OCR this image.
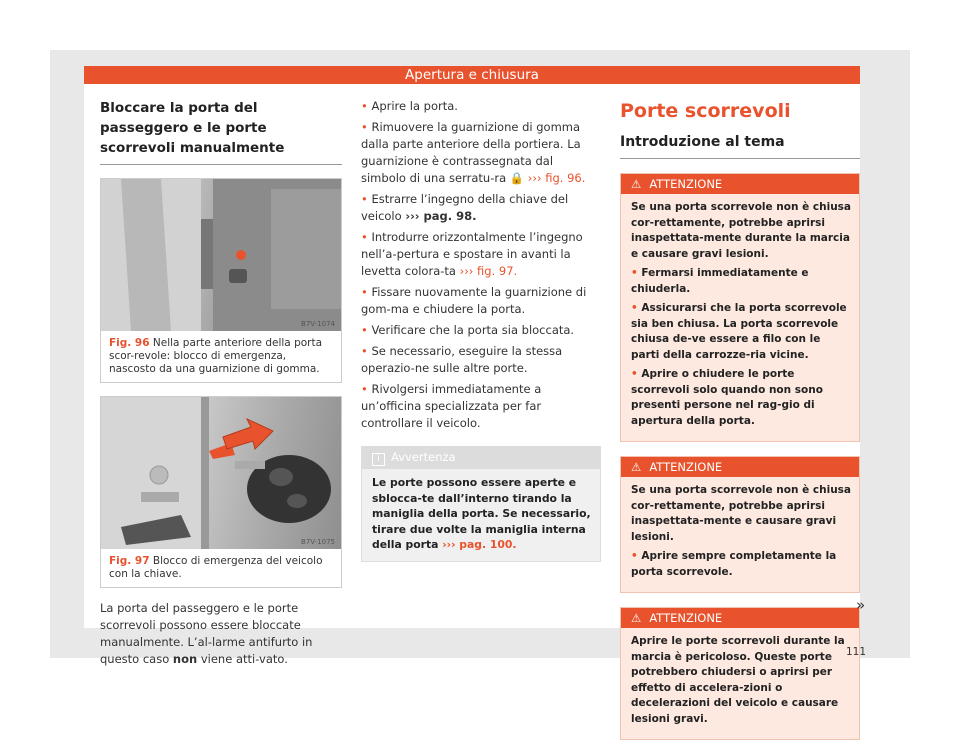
Apertura e chiusura
Bloccare la porta del passeggero e le porte scorrevoli manualmente
B7V-1074
Fig. 96 Nella parte anteriore della porta scor-revole: blocco di emergenza, nascosto da una guarnizione di gomma.
B7V-1075
Fig. 97 Blocco di emergenza del veicolo con la chiave.

La porta del passeggero e le porte scorrevoli possono essere bloccate manualmente. L’al-larme antifurto in questo caso non viene atti-vato.

• Aprire la porta.

• Rimuovere la guarnizione di gomma dalla parte anteriore della portiera. La guarnizione è contrassegnata dal simbolo di una serratu-ra 🔒 ››› fig. 96.

• Estrarre l’ingegno della chiave del veicolo ››› pag. 98.

• Introdurre orizzontalmente l’ingegno nell’a-pertura e spostare in avanti la levetta colora-ta ››› fig. 97.

• Fissare nuovamente la guarnizione di gom-ma e chiudere la porta.

• Verificare che la porta sia bloccata.

• Se necessario, eseguire la stessa operazio-ne sulle altre porte.

• Rivolgersi immediatamente a un’officina specializzata per far controllare il veicolo.

i Avvertenza
Le porte possono essere aperte e sblocca-te dall’interno tirando la maniglia della porta. Se necessario, tirare due volte la maniglia interna della porta ››› pag. 100.
Porte scorrevoli
Introduzione al tema
⚠ ATTENZIONE

Se una porta scorrevole non è chiusa cor-rettamente, potrebbe aprirsi inaspettata-mente durante la marcia e causare gravi lesioni.

• Fermarsi immediatamente e chiuderla.

• Assicurarsi che la porta scorrevole sia ben chiusa. La porta scorrevole chiusa de-ve essere a filo con le parti della carrozze-ria vicine.

• Aprire o chiudere le porte scorrevoli solo quando non sono presenti persone nel rag-gio di apertura della porta.

⚠ ATTENZIONE

Se una porta scorrevole non è chiusa cor-rettamente, potrebbe aprirsi inaspettata-mente e causare gravi lesioni.

• Aprire sempre completamente la porta scorrevole.

⚠ ATTENZIONE

Aprire le porte scorrevoli durante la marcia è pericoloso. Queste porte potrebbero chiudersi o aprirsi per effetto di accelera-zioni o decelerazioni del veicolo e causare lesioni gravi.

»
111
